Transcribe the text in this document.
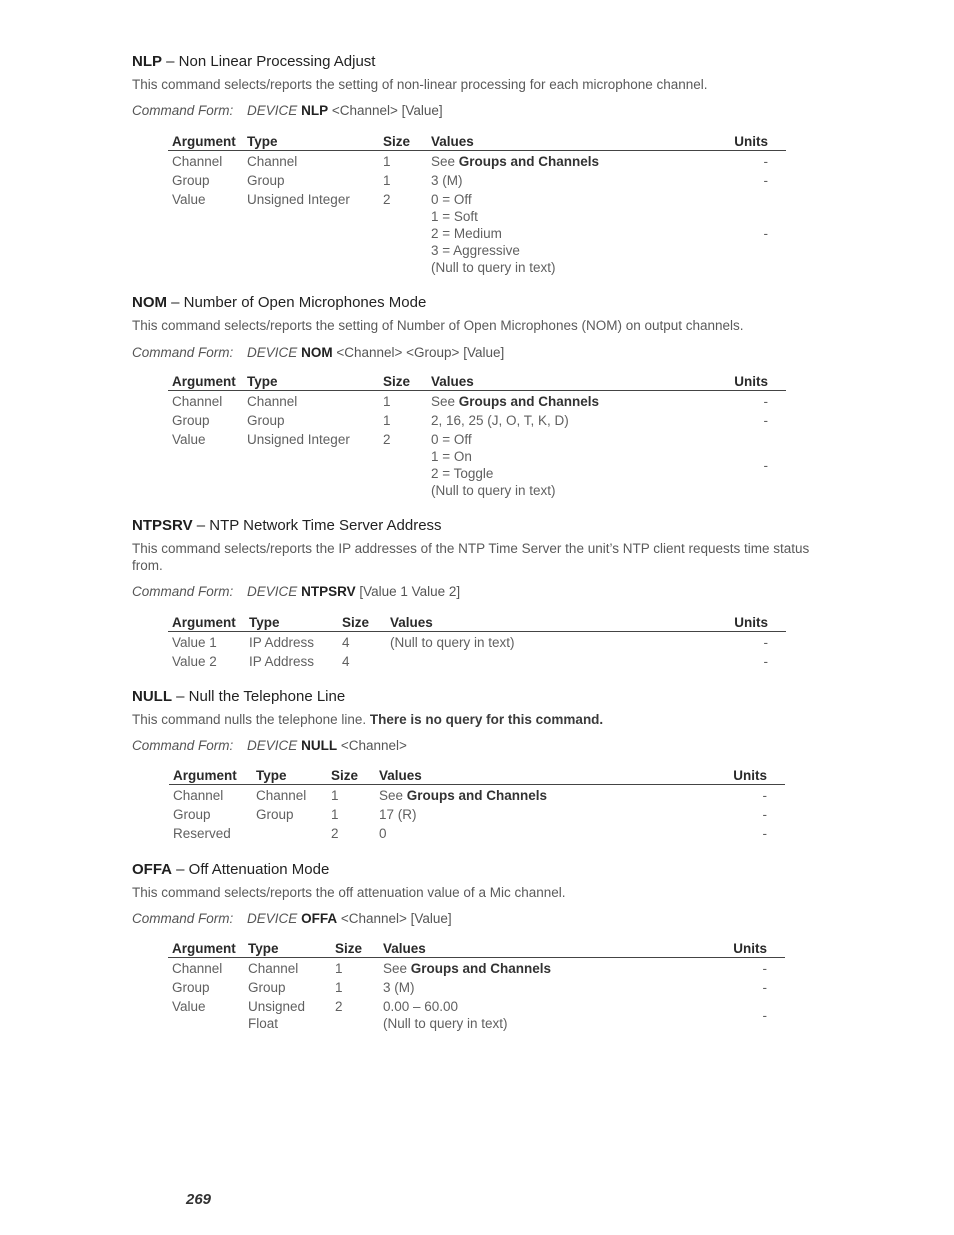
NLP – Non Linear Processing Adjust

This command selects/reports the setting of non-linear processing for each microphone channel.

Command Form: DEVICE NLP <Channel> [Value]

Argument	Type	Size	Values	Units
Channel	Channel	1	See Groups and Channels	-
Group	Group	1	3 (M)	-
Value	Unsigned Integer	2	0 = Off
1 = Soft
2 = Medium
3 = Aggressive
(Null to query in text)	-

NOM – Number of Open Microphones Mode

This command selects/reports the setting of Number of Open Microphones (NOM) on output channels.

Command Form: DEVICE NOM <Channel> <Group> [Value]

Argument	Type	Size	Values	Units
Channel	Channel	1	See Groups and Channels	-
Group	Group	1	2, 16, 25 (J, O, T, K, D)	-
Value	Unsigned Integer	2	0 = Off
1 = On
2 = Toggle
(Null to query in text)	-

NTPSRV – NTP Network Time Server Address

This command selects/reports the IP addresses of the NTP Time Server the unit’s NTP client requests time status from.

Command Form: DEVICE NTPSRV [Value 1 Value 2]

Argument	Type	Size	Values	Units
Value 1	IP Address	4	(Null to query in text)	-
Value 2	IP Address	4		-

NULL – Null the Telephone Line

This command nulls the telephone line. There is no query for this command.

Command Form: DEVICE NULL <Channel>

Argument	Type	Size	Values	Units
Channel	Channel	1	See Groups and Channels	-
Group	Group	1	17 (R)	-
Reserved		2	0	-

OFFA – Off Attenuation Mode

This command selects/reports the off attenuation value of a Mic channel.

Command Form: DEVICE OFFA <Channel> [Value]

Argument	Type	Size	Values	Units
Channel	Channel	1	See Groups and Channels	-
Group	Group	1	3 (M)	-
Value	Unsigned Float	2	0.00 – 60.00
(Null to query in text)	-
269
